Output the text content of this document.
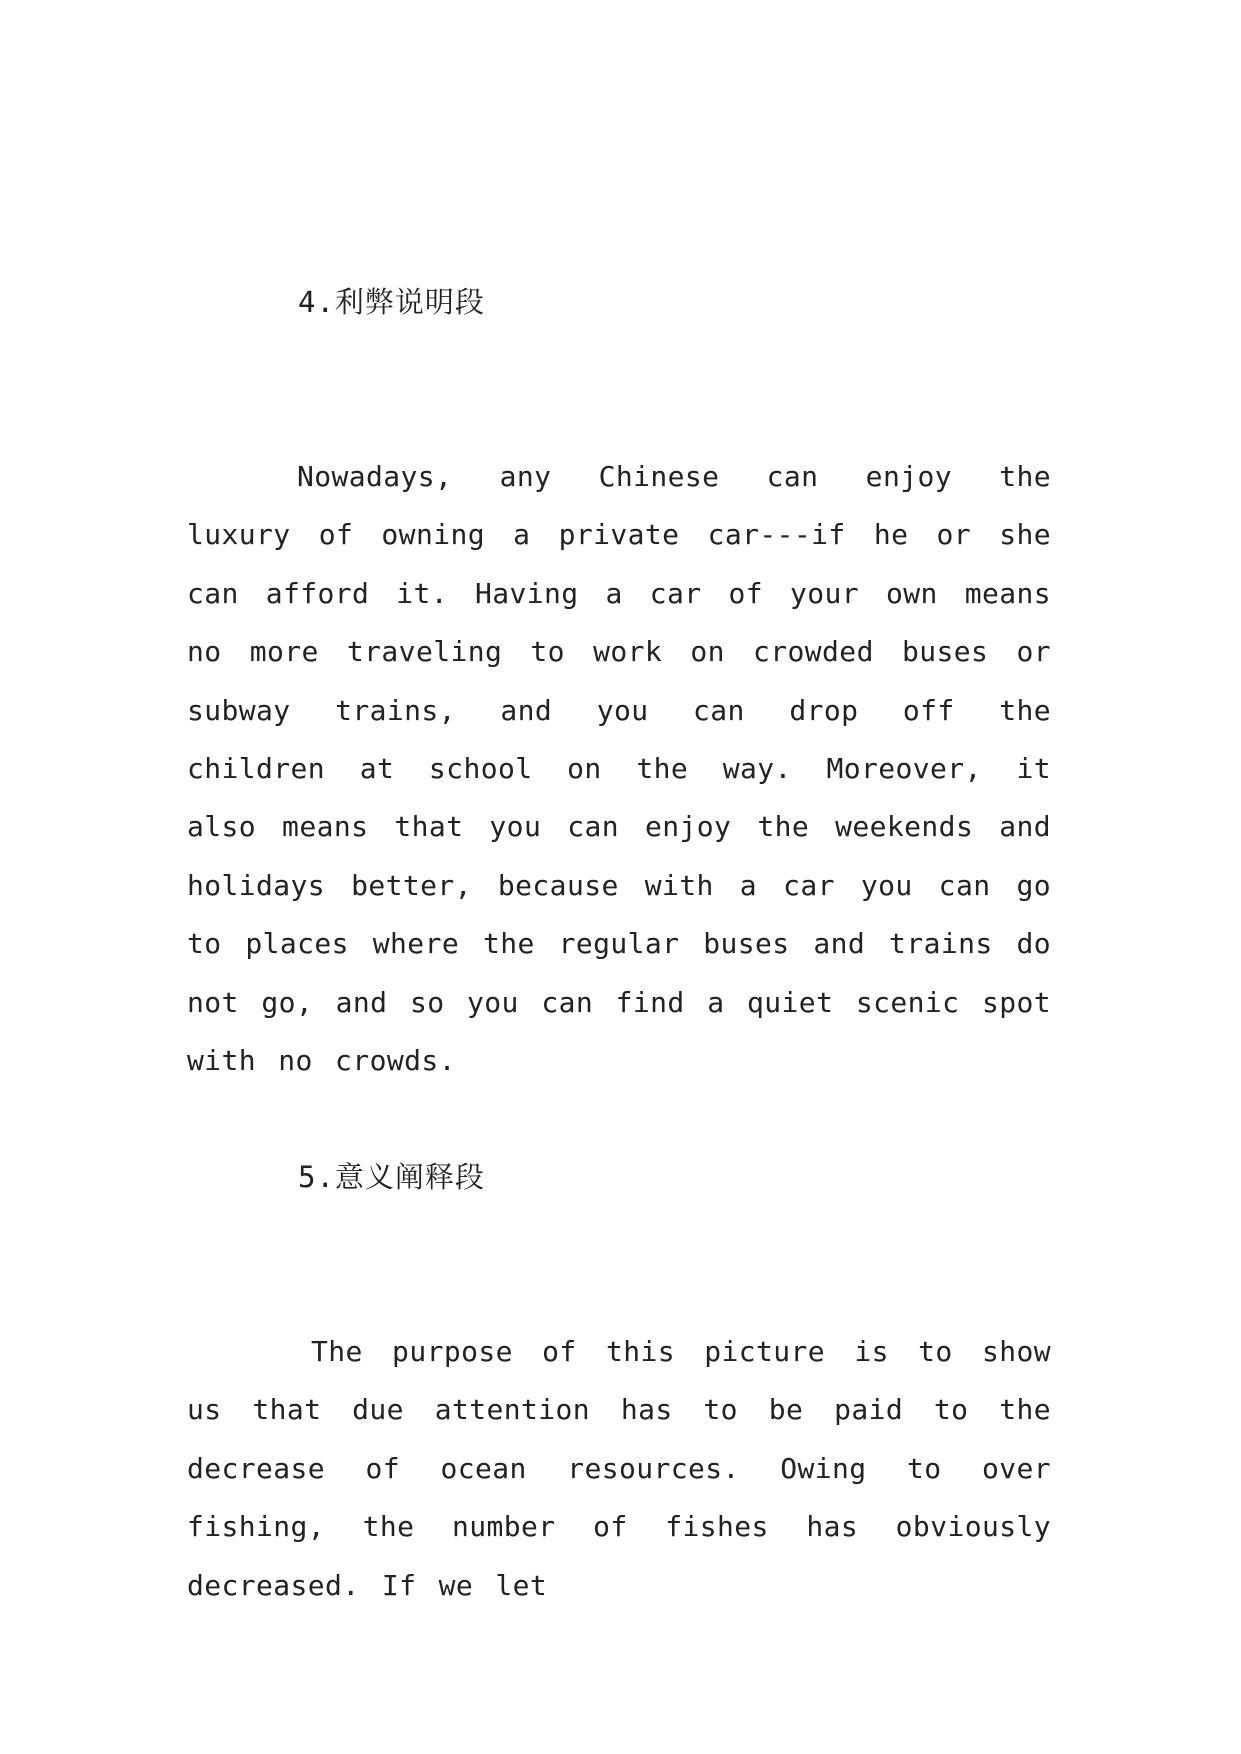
4.利弊说明段

Nowadays, any Chinese can enjoy the luxury of owning a private car---if he or she can afford it. Having a car of your own means no more traveling to work on crowded buses or subway trains, and you can drop off the children at school on the way. Moreover, it also means that you can enjoy the weekends and holidays better, because with a car you can go to places where the regular buses and trains do not go, and so you can find a quiet scenic spot with no crowds.

5.意义阐释段

The purpose of this picture is to show us that due attention has to be paid to the decrease of ocean resources. Owing to over fishing, the number of fishes has obviously decreased. If we let
